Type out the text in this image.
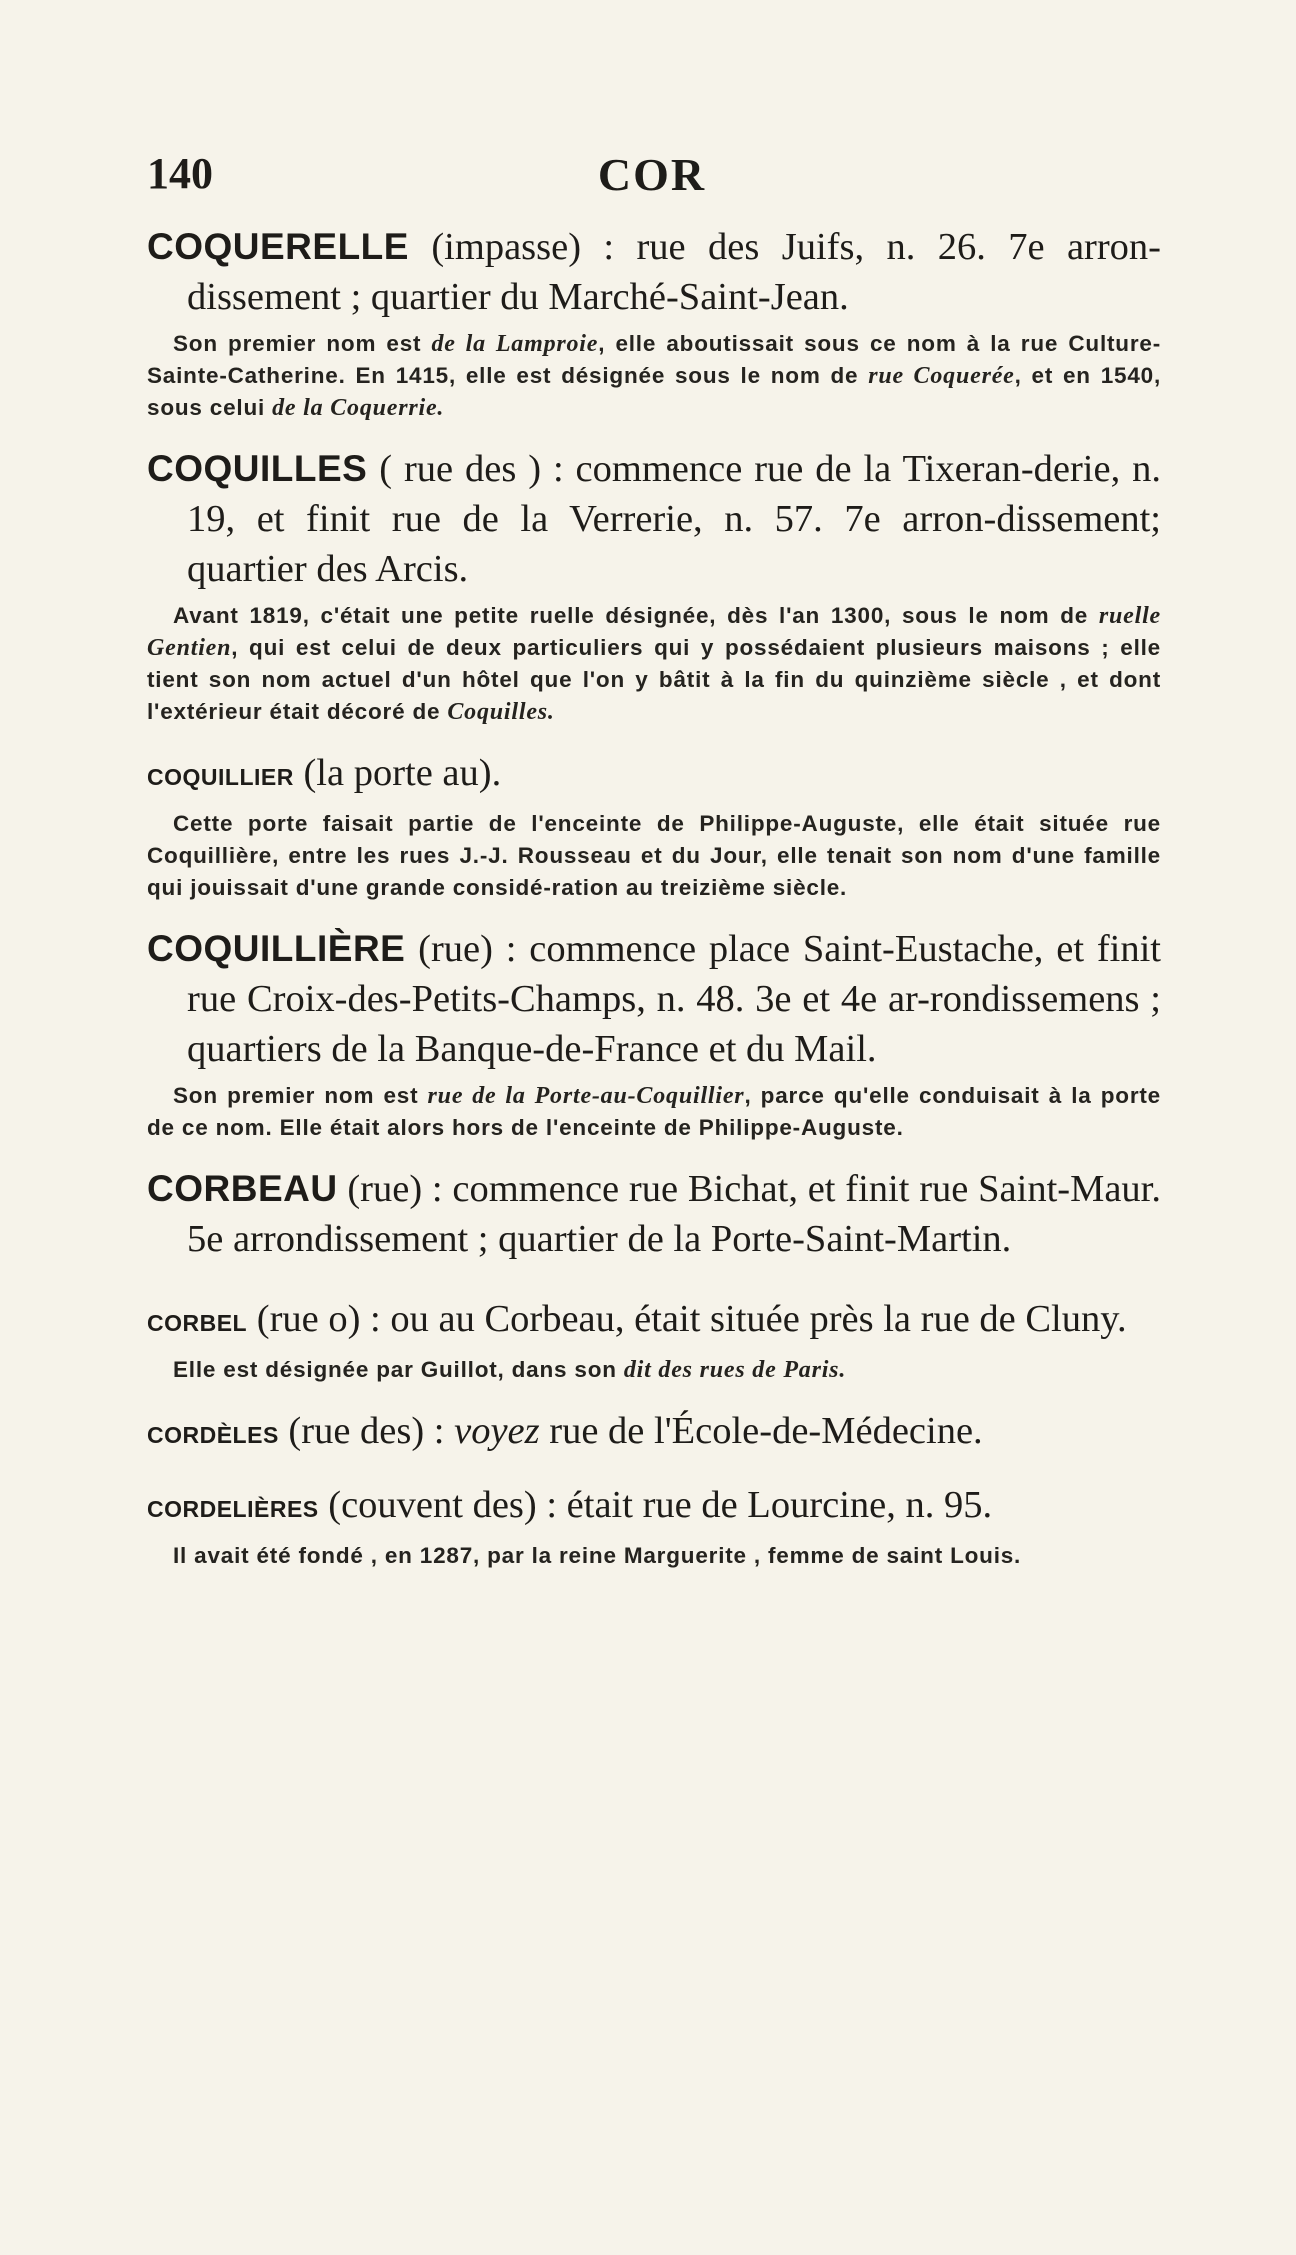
140	COR

COQUERELLE (impasse) : rue des Juifs, n. 26. 7e arron-dissement ; quartier du Marché-Saint-Jean.

Son premier nom est de la Lamproie, elle aboutissait sous ce nom à la rue Culture-Sainte-Catherine. En 1415, elle est désignée sous le nom de rue Coquerée, et en 1540, sous celui de la Coquerrie.

COQUILLES ( rue des ) : commence rue de la Tixeran-derie, n. 19, et finit rue de la Verrerie, n. 57. 7e arron-dissement; quartier des Arcis.

Avant 1819, c'était une petite ruelle désignée, dès l'an 1300, sous le nom de ruelle Gentien, qui est celui de deux particuliers qui y possédaient plusieurs maisons ; elle tient son nom actuel d'un hôtel que l'on y bâtit à la fin du quinzième siècle , et dont l'extérieur était décoré de Coquilles.

COQUILLIER (la porte au).

Cette porte faisait partie de l'enceinte de Philippe-Auguste, elle était située rue Coquillière, entre les rues J.-J. Rousseau et du Jour, elle tenait son nom d'une famille qui jouissait d'une grande considé-ration au treizième siècle.

COQUILLIÈRE (rue) : commence place Saint-Eustache, et finit rue Croix-des-Petits-Champs, n. 48. 3e et 4e ar-rondissemens ; quartiers de la Banque-de-France et du Mail.

Son premier nom est rue de la Porte-au-Coquillier, parce qu'elle conduisait à la porte de ce nom. Elle était alors hors de l'enceinte de Philippe-Auguste.

CORBEAU (rue) : commence rue Bichat, et finit rue Saint-Maur. 5e arrondissement ; quartier de la Porte-Saint-Martin.

CORBEL (rue o) : ou au Corbeau, était située près la rue de Cluny.

Elle est désignée par Guillot, dans son dit des rues de Paris.

CORDÈLES (rue des) : voyez rue de l'École-de-Médecine.

CORDELIÈRES (couvent des) : était rue de Lourcine, n. 95.

Il avait été fondé , en 1287, par la reine Marguerite , femme de saint Louis.
